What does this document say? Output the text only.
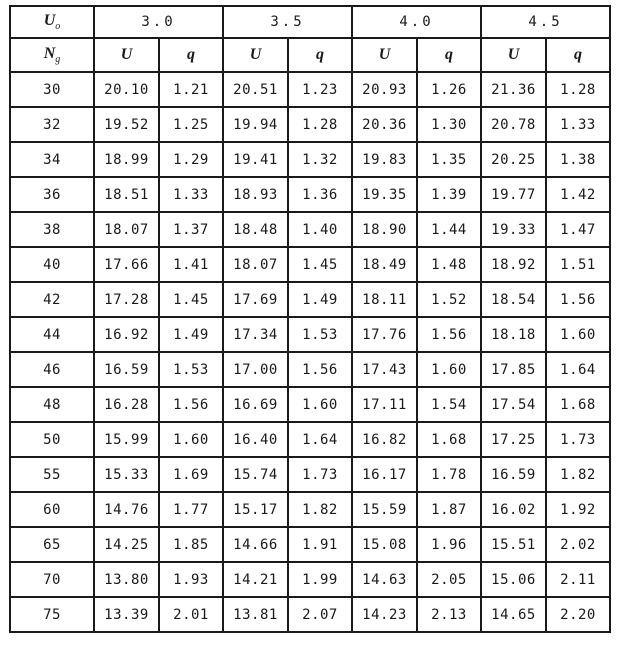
$U_o$	3.0		3.5		4.0		4.5	
$N_g$	U	q	U	q	U	q	U	q
30	20.10	1.21	20.51	1.23	20.93	1.26	21.36	1.28
32	19.52	1.25	19.94	1.28	20.36	1.30	20.78	1.33
34	18.99	1.29	19.41	1.32	19.83	1.35	20.25	1.38
36	18.51	1.33	18.93	1.36	19.35	1.39	19.77	1.42
38	18.07	1.37	18.48	1.40	18.90	1.44	19.33	1.47
40	17.66	1.41	18.07	1.45	18.49	1.48	18.92	1.51
42	17.28	1.45	17.69	1.49	18.11	1.52	18.54	1.56
44	16.92	1.49	17.34	1.53	17.76	1.56	18.18	1.60
46	16.59	1.53	17.00	1.56	17.43	1.60	17.85	1.64
48	16.28	1.56	16.69	1.60	17.11	1.54	17.54	1.68
50	15.99	1.60	16.40	1.64	16.82	1.68	17.25	1.73
55	15.33	1.69	15.74	1.73	16.17	1.78	16.59	1.82
60	14.76	1.77	15.17	1.82	15.59	1.87	16.02	1.92
65	14.25	1.85	14.66	1.91	15.08	1.96	15.51	2.02
70	13.80	1.93	14.21	1.99	14.63	2.05	15.06	2.11
75	13.39	2.01	13.81	2.07	14.23	2.13	14.65	2.20
